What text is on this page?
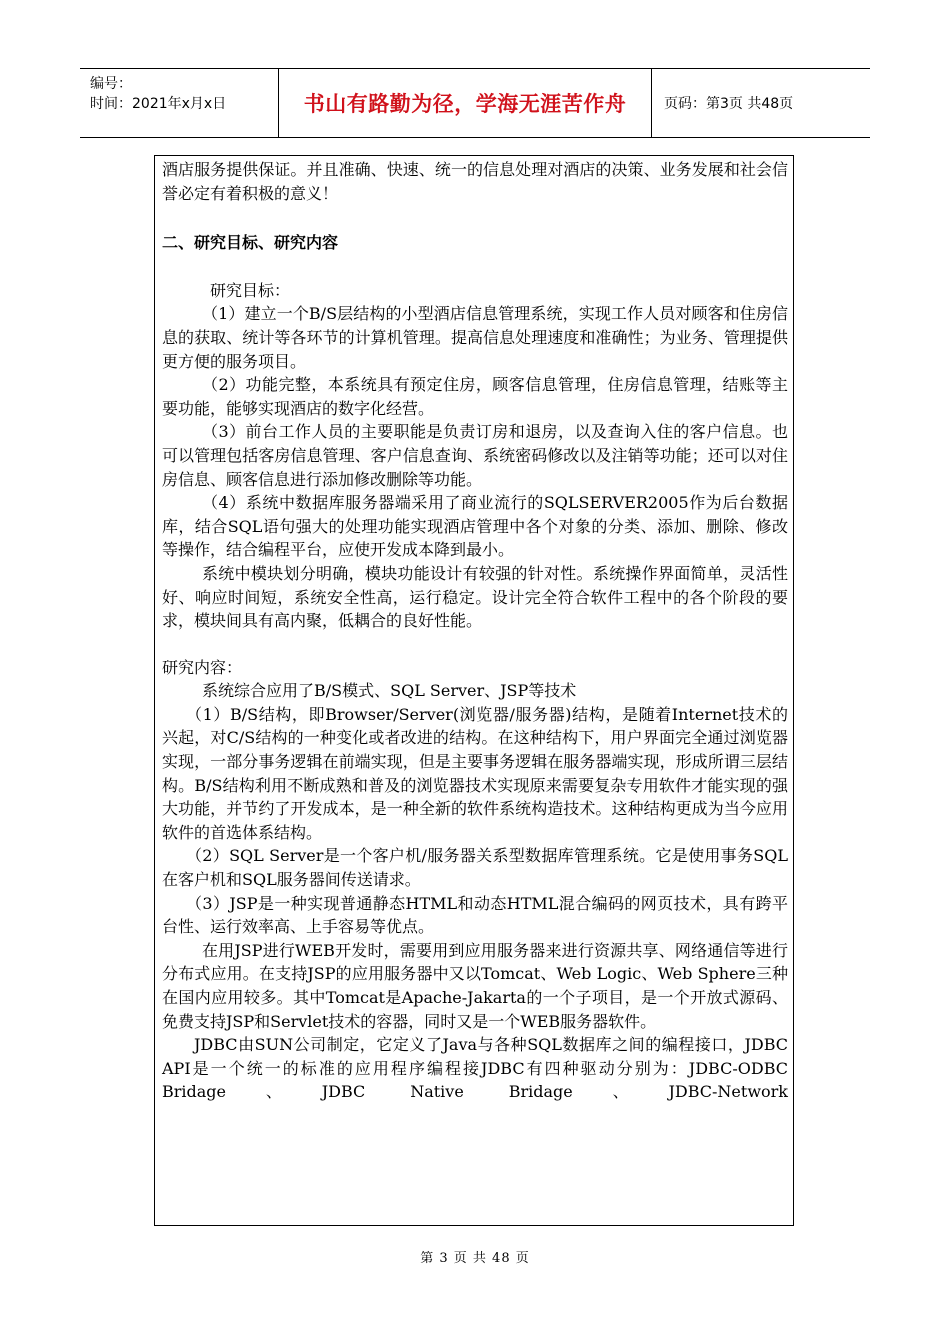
编号：
时间：2021年x月x日	书山有路勤为径，学海无涯苦作舟	页码：第3页 共48页

酒店服务提供保证。并且准确、快速、统一的信息处理对酒店的决策、业务发展和社会信誉必定有着积极的意义！

二、研究目标、研究内容

研究目标：

（1）建立一个B/S层结构的小型酒店信息管理系统，实现工作人员对顾客和住房信息的获取、统计等各环节的计算机管理。提高信息处理速度和准确性；为业务、管理提供更方便的服务项目。

（2）功能完整，本系统具有预定住房，顾客信息管理，住房信息管理，结账等主要功能，能够实现酒店的数字化经营。

（3）前台工作人员的主要职能是负责订房和退房，以及查询入住的客户信息。也可以管理包括客房信息管理、客户信息查询、系统密码修改以及注销等功能；还可以对住房信息、顾客信息进行添加修改删除等功能。

（4）系统中数据库服务器端采用了商业流行的SQLSERVER2005作为后台数据库，结合SQL语句强大的处理功能实现酒店管理中各个对象的分类、添加、删除、修改等操作，结合编程平台，应使开发成本降到最小。

系统中模块划分明确，模块功能设计有较强的针对性。系统操作界面简单，灵活性好、响应时间短，系统安全性高，运行稳定。设计完全符合软件工程中的各个阶段的要求，模块间具有高内聚，低耦合的良好性能。

研究内容：

系统综合应用了B/S模式、SQL Server、JSP等技术

（1）B/S结构，即Browser/Server(浏览器/服务器)结构，是随着Internet技术的兴起，对C/S结构的一种变化或者改进的结构。在这种结构下，用户界面完全通过浏览器实现，一部分事务逻辑在前端实现，但是主要事务逻辑在服务器端实现，形成所谓三层结构。B/S结构利用不断成熟和普及的浏览器技术实现原来需要复杂专用软件才能实现的强大功能，并节约了开发成本，是一种全新的软件系统构造技术。这种结构更成为当今应用软件的首选体系结构。

（2）SQL Server是一个客户机/服务器关系型数据库管理系统。它是使用事务SQL在客户机和SQL服务器间传送请求。

（3）JSP是一种实现普通静态HTML和动态HTML混合编码的网页技术，具有跨平台性、运行效率高、上手容易等优点。

在用JSP进行WEB开发时，需要用到应用服务器来进行资源共享、网络通信等进行分布式应用。在支持JSP的应用服务器中又以Tomcat、Web Logic、Web Sphere三种在国内应用较多。其中Tomcat是Apache-Jakarta的一个子项目，是一个开放式源码、免费支持JSP和Servlet技术的容器，同时又是一个WEB服务器软件。

JDBC由SUN公司制定，它定义了Java与各种SQL数据库之间的编程接口，JDBC API是一个统一的标准的应用程序编程接JDBC有四种驱动分别为：JDBC-ODBC Bridage、JDBC Native Bridage、JDBC-Network

第 3 页 共 48 页
